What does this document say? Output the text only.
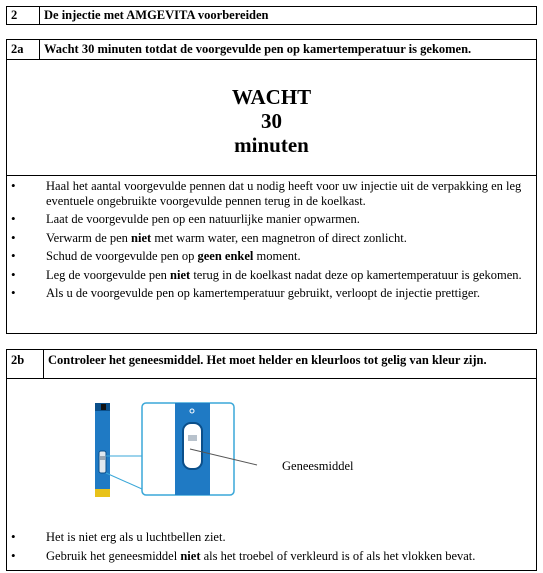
2 De injectie met AMGEVITA voorbereiden
2a Wacht 30 minuten totdat de voorgevulde pen op kamertemperatuur is gekomen.
WACHT
30
minuten
• Haal het aantal voorgevulde pennen dat u nodig heeft voor uw injectie uit de verpakking en leg eventuele ongebruikte voorgevulde pennen terug in de koelkast.
• Laat de voorgevulde pen op een natuurlijke manier opwarmen.
• Verwarm de pen niet met warm water, een magnetron of direct zonlicht.
• Schud de voorgevulde pen op geen enkel moment.
• Leg de voorgevulde pen niet terug in de koelkast nadat deze op kamertemperatuur is gekomen.
• Als u de voorgevulde pen op kamertemperatuur gebruikt, verloopt de injectie prettiger.
2b Controleer het geneesmiddel. Het moet helder en kleurloos tot gelig van kleur zijn.
Geneesmiddel
• Het is niet erg als u luchtbellen ziet.
• Gebruik het geneesmiddel niet als het troebel of verkleurd is of als het vlokken bevat.
